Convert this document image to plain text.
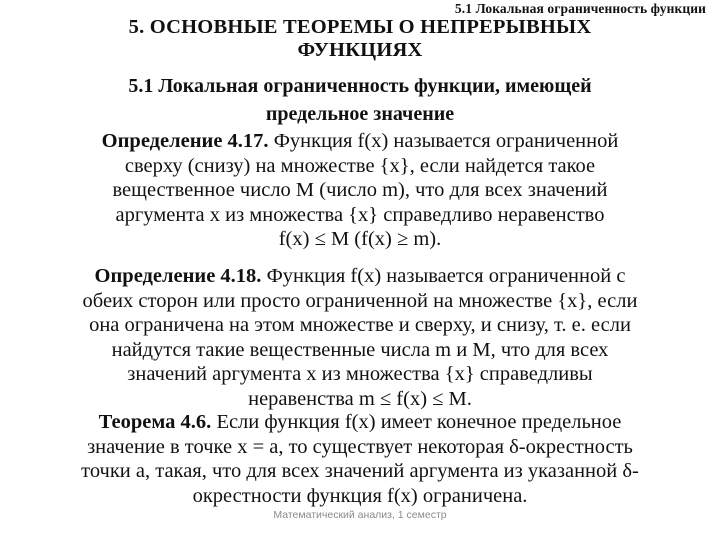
5.1 Локальная ограниченность функции
5. ОСНОВНЫЕ ТЕОРЕМЫ О НЕПРЕРЫВНЫХ
ФУНКЦИЯХ
5.1 Локальная ограниченность функции, имеющей
предельное значение
Определение 4.17. Функция f(x) называется ограниченной
сверху (снизу) на множестве {x}, если найдется такое
вещественное число M (число m), что для всех значений
аргумента x из множества {x} справедливо неравенство
f(x) ≤ M (f(x) ≥ m).
Определение 4.18. Функция f(x) называется ограниченной с
обеих сторон или просто ограниченной на множестве {x}, если
она ограничена на этом множестве и сверху, и снизу, т. е. если
найдутся такие вещественные числа m и M, что для всех
значений аргумента x из множества {x} справедливы
неравенства m ≤ f(x) ≤ M.
Теорема 4.6. Если функция f(x) имеет конечное предельное
значение в точке x = a, то существует некоторая δ-окрестность
точки a, такая, что для всех значений аргумента из указанной δ-
окрестности функция f(x) ограничена.
Математический анализ, 1 семестр
